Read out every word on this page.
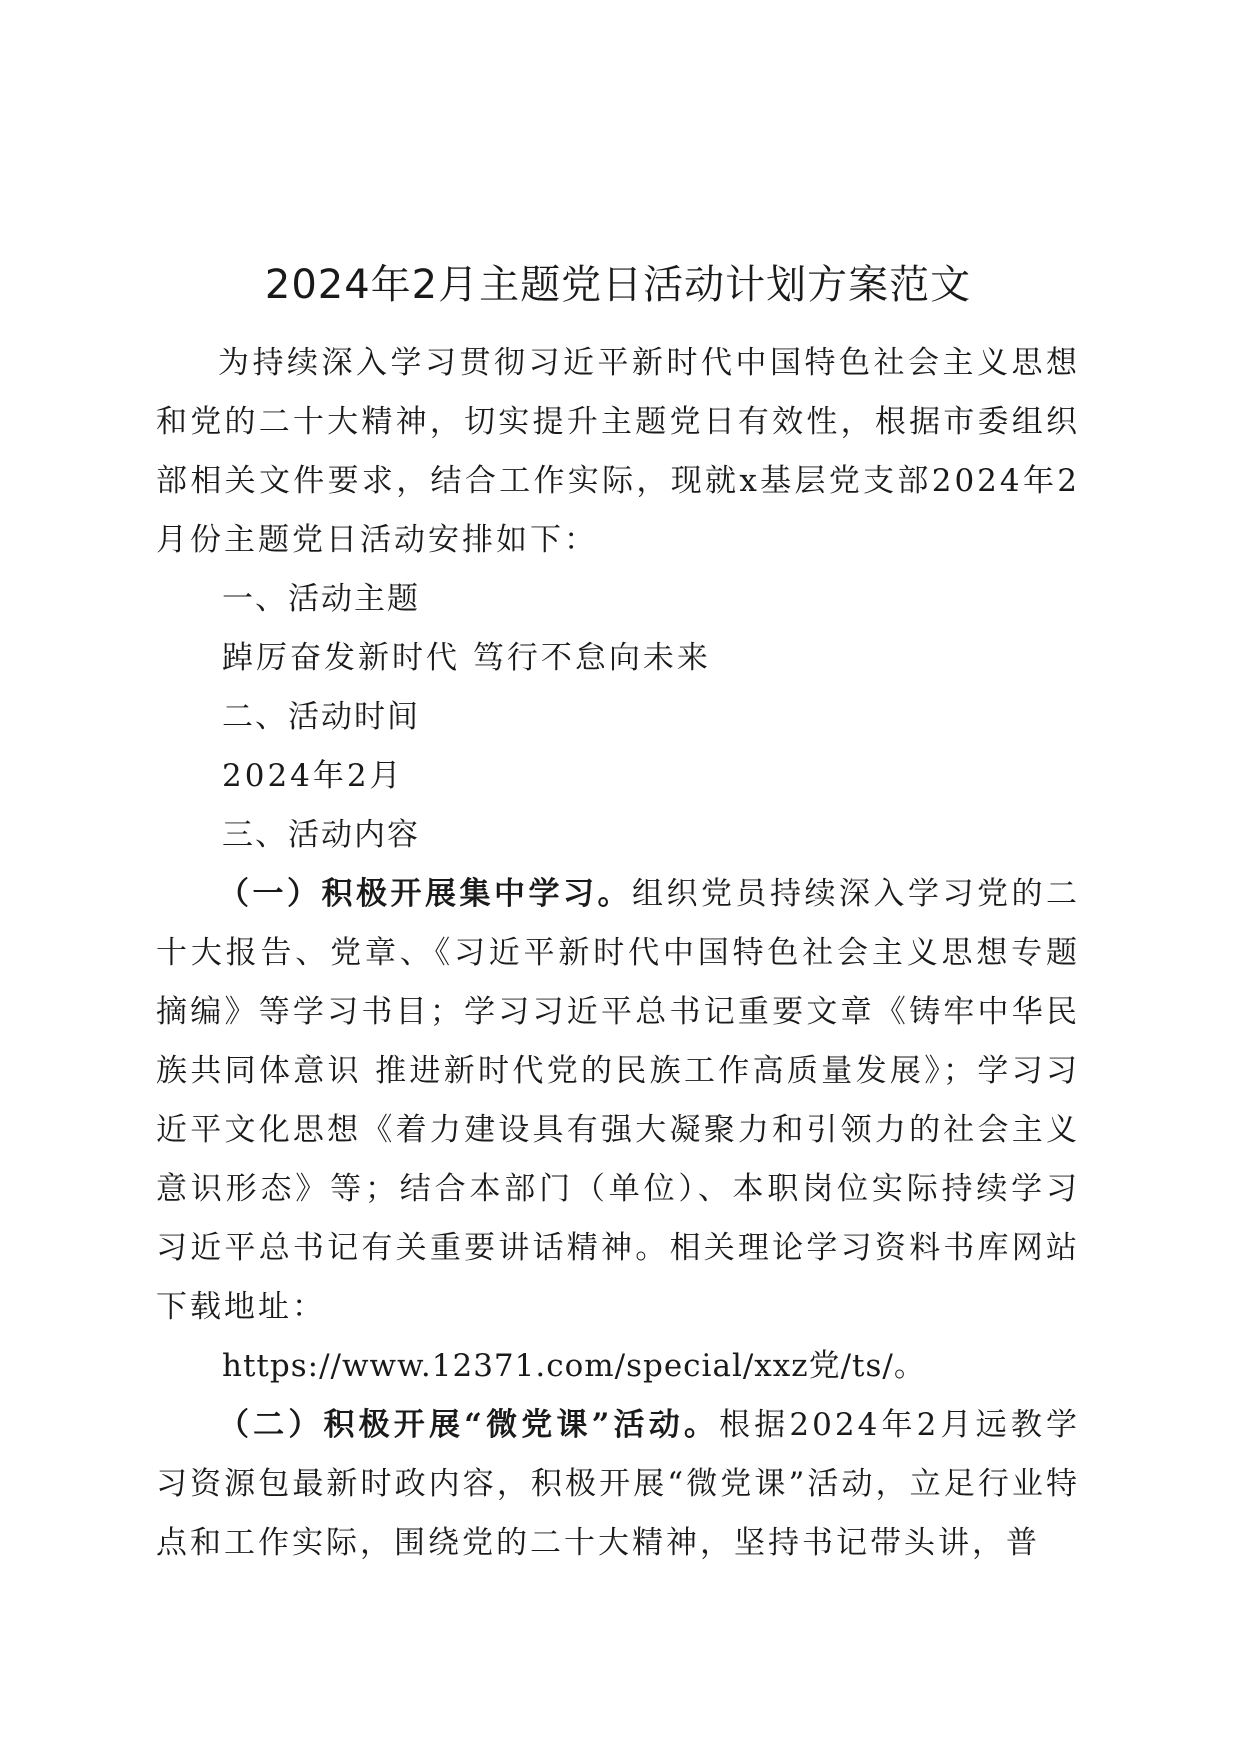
2024年2月主题党日活动计划方案范文

为持续深入学习贯彻习近平新时代中国特色社会主义思想和党的二十大精神，切实提升主题党日有效性，根据市委组织部相关文件要求，结合工作实际，现就x基层党支部2024年2月份主题党日活动安排如下：

一、活动主题

踔厉奋发新时代 笃行不怠向未来

二、活动时间

2024年2月

三、活动内容

（一）积极开展集中学习。组织党员持续深入学习党的二十大报告、党章、《习近平新时代中国特色社会主义思想专题摘编》等学习书目；学习习近平总书记重要文章《铸牢中华民族共同体意识 推进新时代党的民族工作高质量发展》；学习习近平文化思想《着力建设具有强大凝聚力和引领力的社会主义意识形态》等；结合本部门（单位）、本职岗位实际持续学习习近平总书记有关重要讲话精神。相关理论学习资料书库网站下载地址：

https://www.12371.com/special/xxz党/ts/。

（二）积极开展“微党课”活动。根据2024年2月远教学习资源包最新时政内容，积极开展“微党课”活动，立足行业特点和工作实际，围绕党的二十大精神，坚持书记带头讲，普
